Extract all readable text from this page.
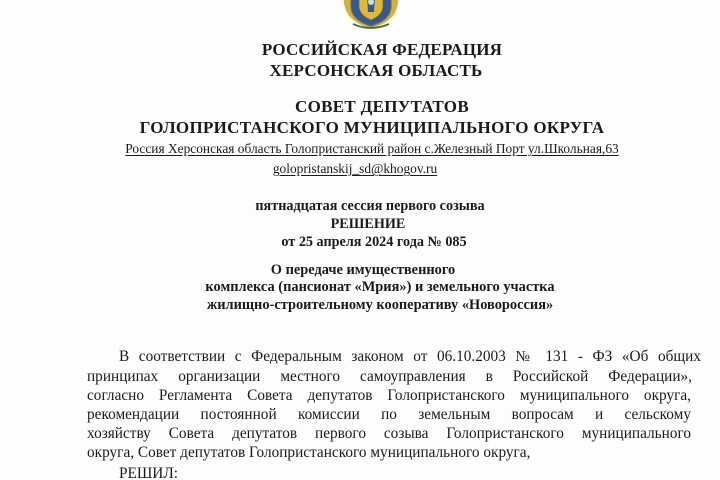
РОССИЙСКАЯ ФЕДЕРАЦИЯ
ХЕРСОНСКАЯ ОБЛАСТЬ
СОВЕТ ДЕПУТАТОВ
ГОЛОПРИСТАНСКОГО МУНИЦИПАЛЬНОГО ОКРУГА
Россия Херсонская область Голопристанский район с.Железный Порт ул.Школьная,63
golopristanskij_sd@khogov.ru
пятнадцатая сессия первого созыва
РЕШЕНИЕ
от 25 апреля 2024 года № 085
О передаче имущественного
комплекса (пансионат «Мрия») и земельного участка
жилищно-строительному кооперативу «Новороссия»
В соответствии с Федеральным законом от 06.10.2003 № 131 - ФЗ «Об общих
принципах организации местного самоуправления в Российской Федерации»,
согласно Регламента Совета депутатов Голопристанского муниципального округа,
рекомендации постоянной комиссии по земельным вопросам и сельскому
хозяйству Совета депутатов первого созыва Голопристанского муниципального
округа, Совет депутатов Голопристанского муниципального округа,
РЕШИЛ:
